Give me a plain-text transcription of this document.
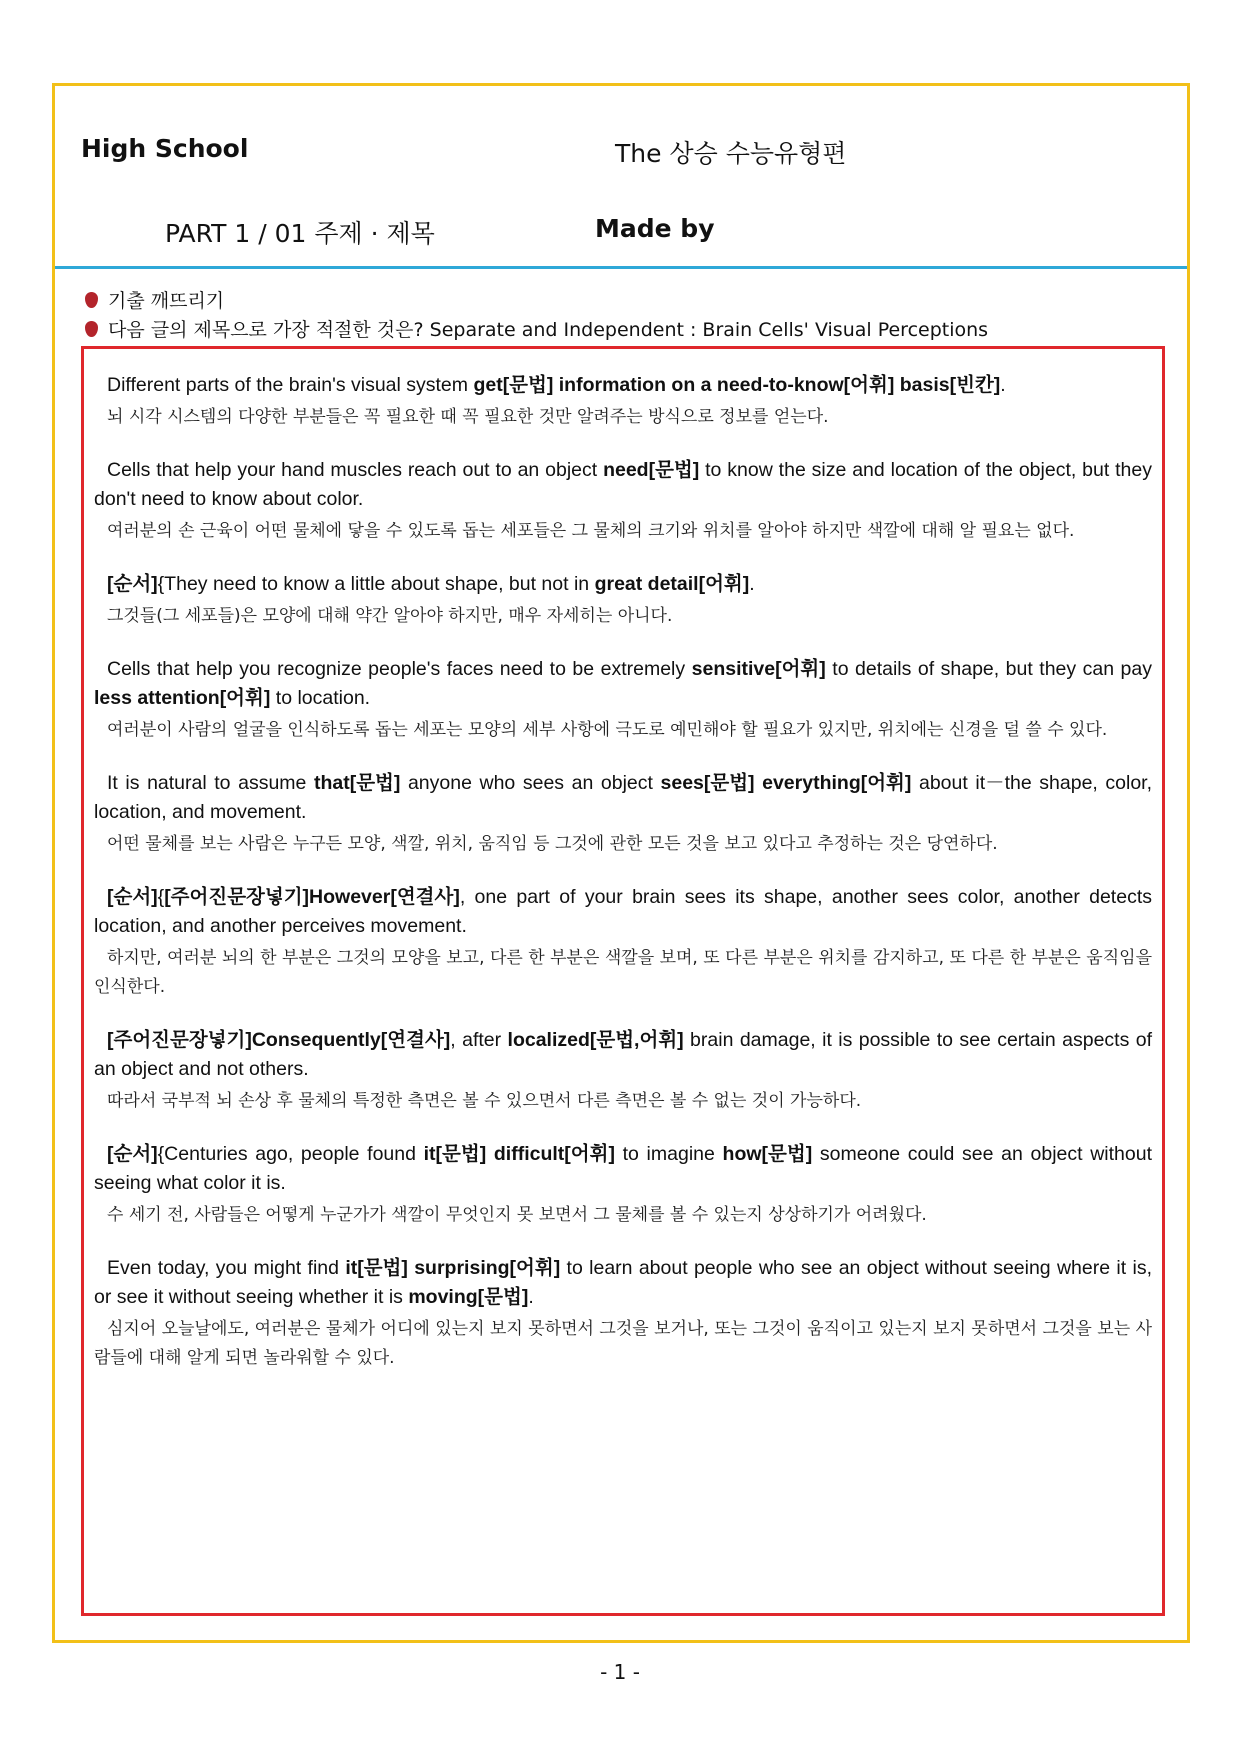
High School	The 상승 수능유형편
PART 1 / 01 주제 · 제목	Made by
기출 깨뜨리기
다음 글의 제목으로 가장 적절한 것은? Separate and Independent : Brain Cells' Visual Perceptions
Different parts of the brain's visual system get[문법] information on a need-to-know[어휘] basis[빈칸].
뇌 시각 시스템의 다양한 부분들은 꼭 필요한 때 꼭 필요한 것만 알려주는 방식으로 정보를 얻는다.
Cells that help your hand muscles reach out to an object need[문법] to know the size and location of the object, but they don't need to know about color.
여러분의 손 근육이 어떤 물체에 닿을 수 있도록 돕는 세포들은 그 물체의 크기와 위치를 알아야 하지만 색깔에 대해 알 필요는 없다.
[순서]{They need to know a little about shape, but not in great detail[어휘].
그것들(그 세포들)은 모양에 대해 약간 알아야 하지만, 매우 자세히는 아니다.
Cells that help you recognize people's faces need to be extremely sensitive[어휘] to details of shape, but they can pay less attention[어휘] to location.
여러분이 사람의 얼굴을 인식하도록 돕는 세포는 모양의 세부 사항에 극도로 예민해야 할 필요가 있지만, 위치에는 신경을 덜 쓸 수 있다.
It is natural to assume that[문법] anyone who sees an object sees[문법] everything[어휘] about it－the shape, color, location, and movement.
어떤 물체를 보는 사람은 누구든 모양, 색깔, 위치, 움직임 등 그것에 관한 모든 것을 보고 있다고 추정하는 것은 당연하다.
[순서]{[주어진문장넣기]However[연결사], one part of your brain sees its shape, another sees color, another detects location, and another perceives movement.
하지만, 여러분 뇌의 한 부분은 그것의 모양을 보고, 다른 한 부분은 색깔을 보며, 또 다른 부분은 위치를 감지하고, 또 다른 한 부분은 움직임을 인식한다.
[주어진문장넣기]Consequently[연결사], after localized[문법,어휘] brain damage, it is possible to see certain aspects of an object and not others.
따라서 국부적 뇌 손상 후 물체의 특정한 측면은 볼 수 있으면서 다른 측면은 볼 수 없는 것이 가능하다.
[순서]{Centuries ago, people found it[문법] difficult[어휘] to imagine how[문법] someone could see an object without seeing what color it is.
수 세기 전, 사람들은 어떻게 누군가가 색깔이 무엇인지 못 보면서 그 물체를 볼 수 있는지 상상하기가 어려웠다.
Even today, you might find it[문법] surprising[어휘] to learn about people who see an object without seeing where it is, or see it without seeing whether it is moving[문법].
심지어 오늘날에도, 여러분은 물체가 어디에 있는지 보지 못하면서 그것을 보거나, 또는 그것이 움직이고 있는지 보지 못하면서 그것을 보는 사람들에 대해 알게 되면 놀라워할 수 있다.
- 1 -
